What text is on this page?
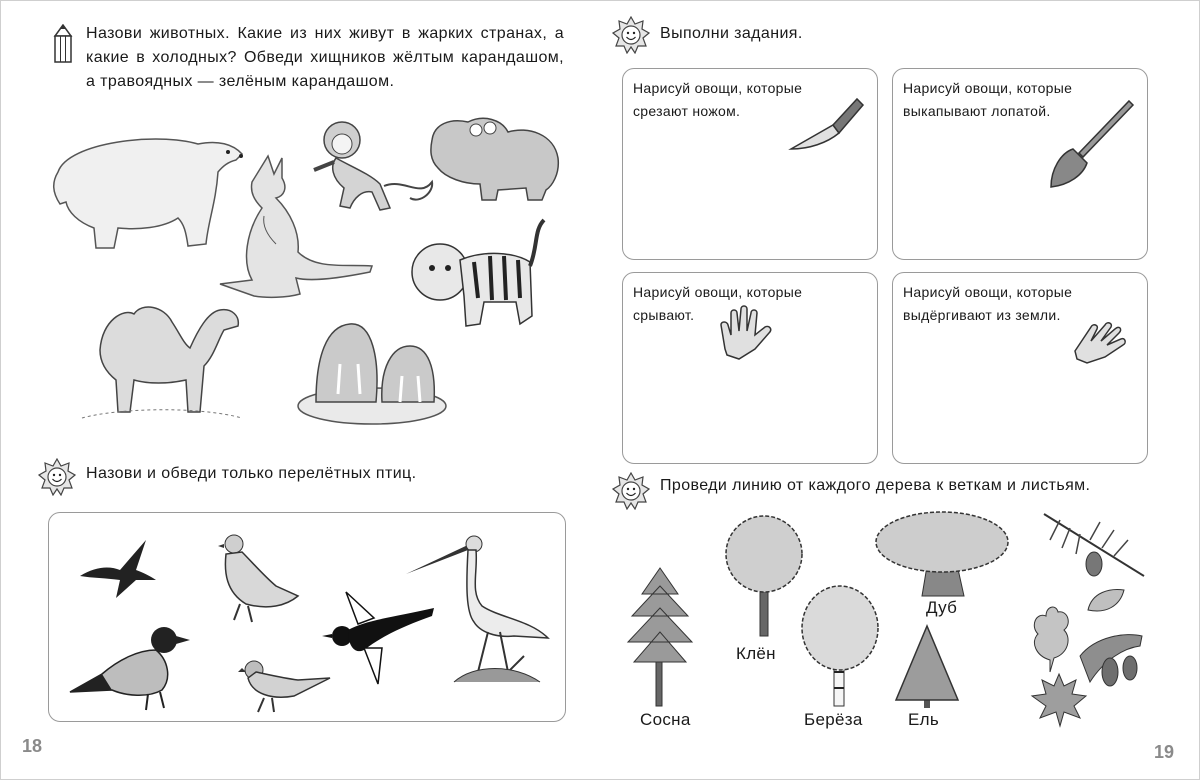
Назови животных. Какие из них живут в жарких странах, а какие в холодных? Обведи хищников жёлтым карандашом, а травоядных — зелёным карандашом.
Назови и обведи только перелётных птиц.
18
Выполни задания.
Нарисуй овощи, которые срезают ножом.
Нарисуй овощи, которые выкапывают лопатой.
Нарисуй овощи, которые срывают.
Нарисуй овощи, которые выдёргивают из земли.
Проведи линию от каждого дерева к веткам и листьям.
Сосна
Клён
Берёза
Дуб
Ель
19
